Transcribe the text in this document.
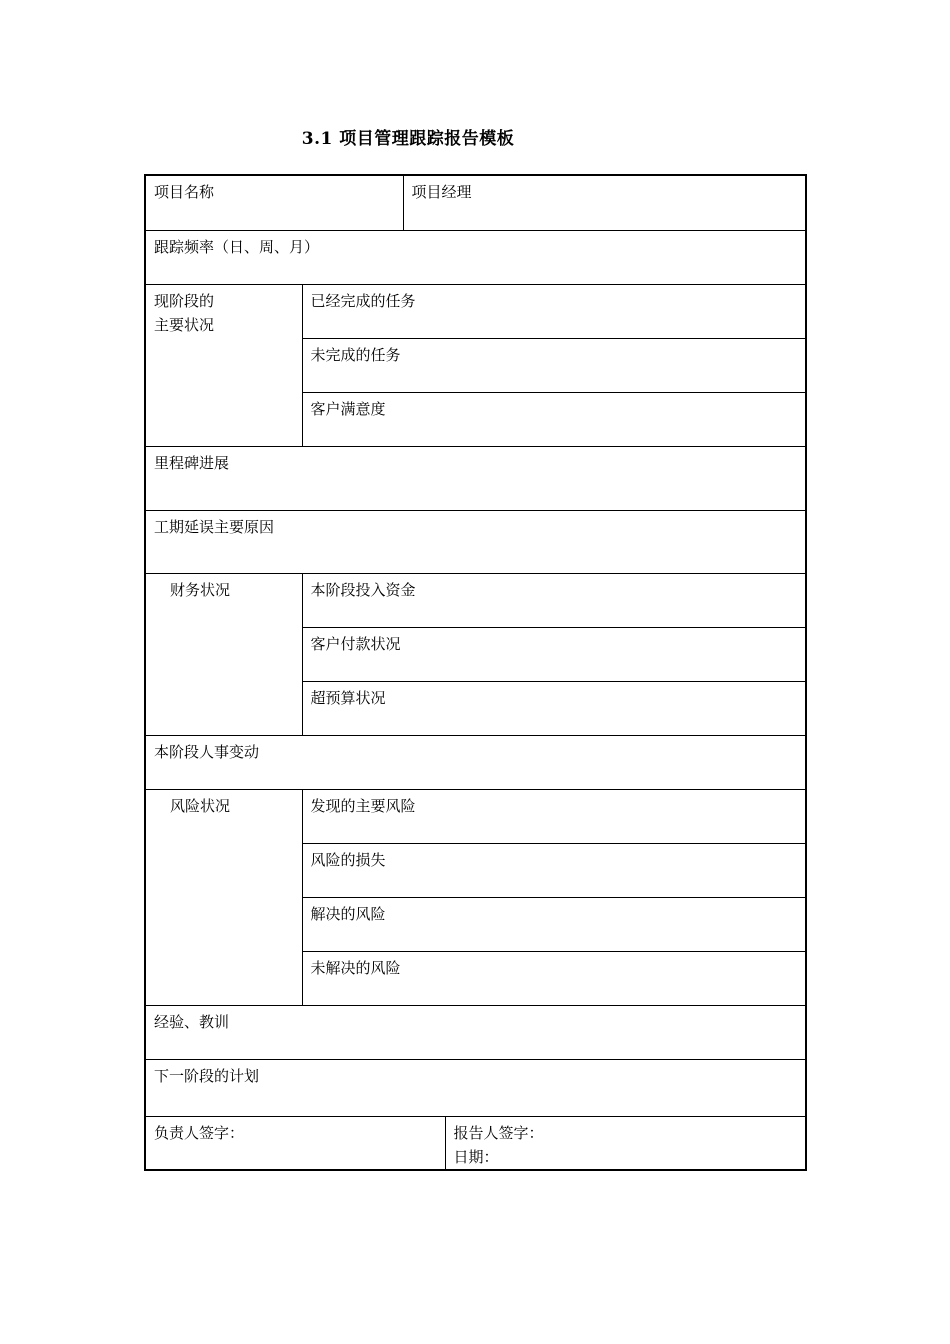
3.1 项目管理跟踪报告模板
项目名称		项目经理	
跟踪频率（日、周、月）			

现阶段的
主要状况	已经完成的任务		
	未完成的任务		
	客户满意度		
里程碑进展			
工期延误主要原因			
财务状况	本阶段投入资金		
	客户付款状况		
	超预算状况		
本阶段人事变动			
风险状况	发现的主要风险		
	风险的损失		
	解决的风险		
	未解决的风险		
经验、教训			
下一阶段的计划			
负责人签字：			报告人签字：
日期：
